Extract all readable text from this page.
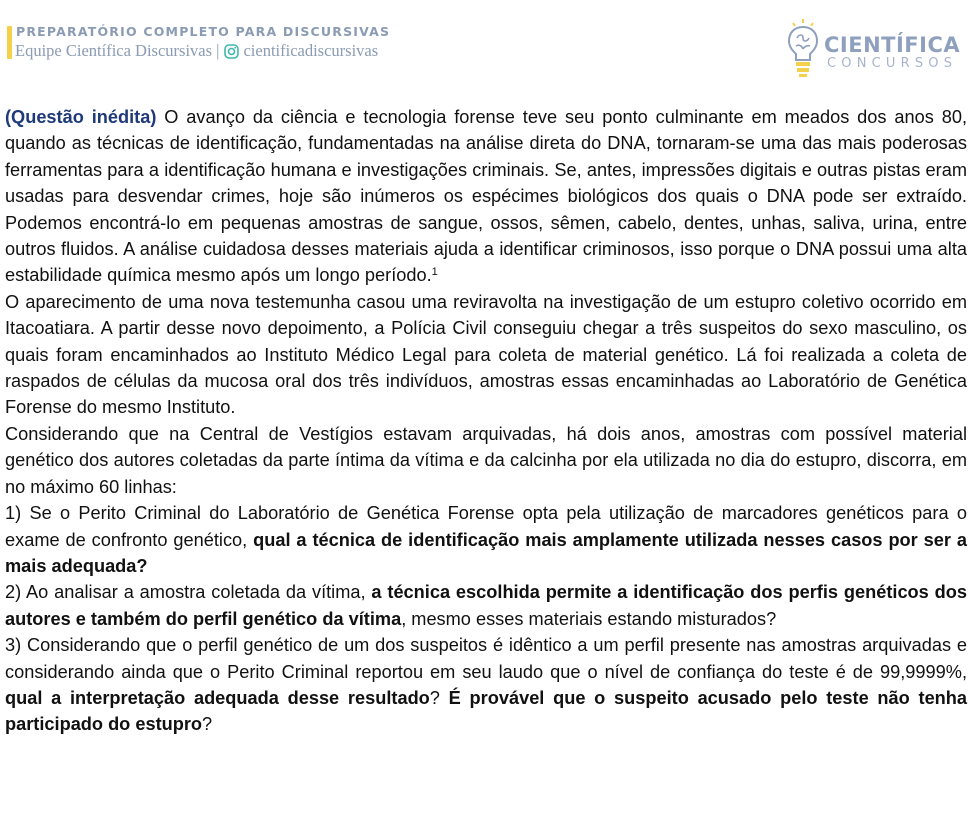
PREPARATÓRIO COMPLETO PARA DISCURSIVAS
Equipe Científica Discursivas | cientificadiscursivas	CIENTÍFICA
CONCURSOS

(Questão inédita) O avanço da ciência e tecnologia forense teve seu ponto culminante em meados dos anos 80, quando as técnicas de identificação, fundamentadas na análise direta do DNA, tornaram-se uma das mais poderosas ferramentas para a identificação humana e investigações criminais. Se, antes, impressões digitais e outras pistas eram usadas para desvendar crimes, hoje são inúmeros os espécimes biológicos dos quais o DNA pode ser extraído. Podemos encontrá-lo em pequenas amostras de sangue, ossos, sêmen, cabelo, dentes, unhas, saliva, urina, entre outros fluidos. A análise cuidadosa desses materiais ajuda a identificar criminosos, isso porque o DNA possui uma alta estabilidade química mesmo após um longo período.$^1$

O aparecimento de uma nova testemunha casou uma reviravolta na investigação de um estupro coletivo ocorrido em Itacoatiara. A partir desse novo depoimento, a Polícia Civil conseguiu chegar a três suspeitos do sexo masculino, os quais foram encaminhados ao Instituto Médico Legal para coleta de material genético. Lá foi realizada a coleta de raspados de células da mucosa oral dos três indivíduos, amostras essas encaminhadas ao Laboratório de Genética Forense do mesmo Instituto.

Considerando que na Central de Vestígios estavam arquivadas, há dois anos, amostras com possível material genético dos autores coletadas da parte íntima da vítima e da calcinha por ela utilizada no dia do estupro, discorra, em no máximo 60 linhas:

1) Se o Perito Criminal do Laboratório de Genética Forense opta pela utilização de marcadores genéticos para o exame de confronto genético, qual a técnica de identificação mais amplamente utilizada nesses casos por ser a mais adequada?

2) Ao analisar a amostra coletada da vítima, a técnica escolhida permite a identificação dos perfis genéticos dos autores e também do perfil genético da vítima, mesmo esses materiais estando misturados?

3) Considerando que o perfil genético de um dos suspeitos é idêntico a um perfil presente nas amostras arquivadas e considerando ainda que o Perito Criminal reportou em seu laudo que o nível de confiança do teste é de 99,9999%, qual a interpretação adequada desse resultado? É provável que o suspeito acusado pelo teste não tenha participado do estupro?
